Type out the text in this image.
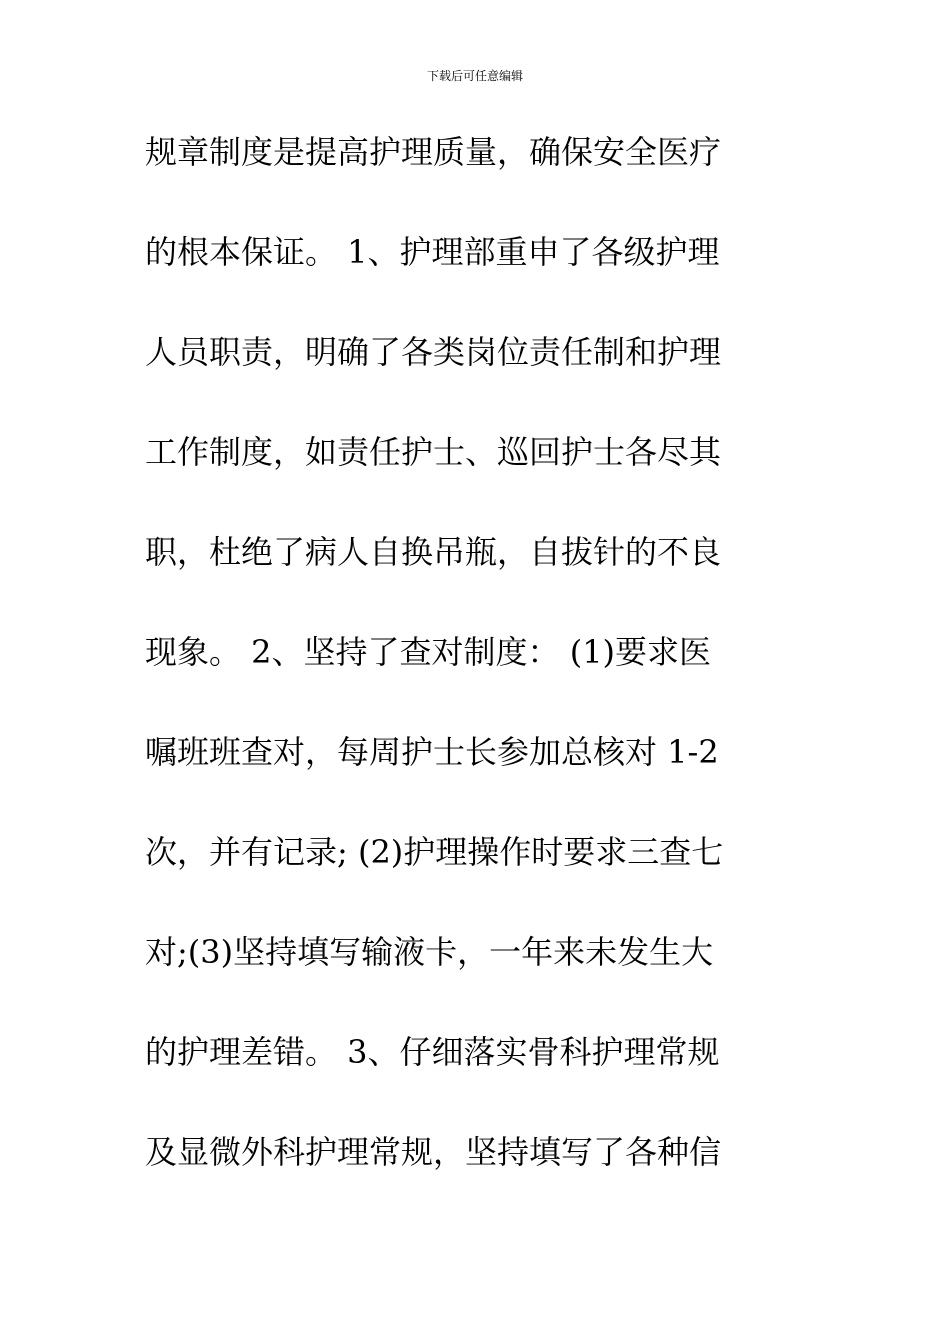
下载后可任意编辑
规章制度是提高护理质量，确保安全医疗
的根本保证。 1、护理部重申了各级护理
人员职责，明确了各类岗位责任制和护理
工作制度，如责任护士、巡回护士各尽其
职，杜绝了病人自换吊瓶，自拔针的不良
现象。 2、坚持了查对制度： (1)要求医
嘱班班查对，每周护士长参加总核对 1-2
次，并有记录; (2)护理操作时要求三查七
对;(3)坚持填写输液卡，一年来未发生大
的护理差错。 3、仔细落实骨科护理常规
及显微外科护理常规，坚持填写了各种信
